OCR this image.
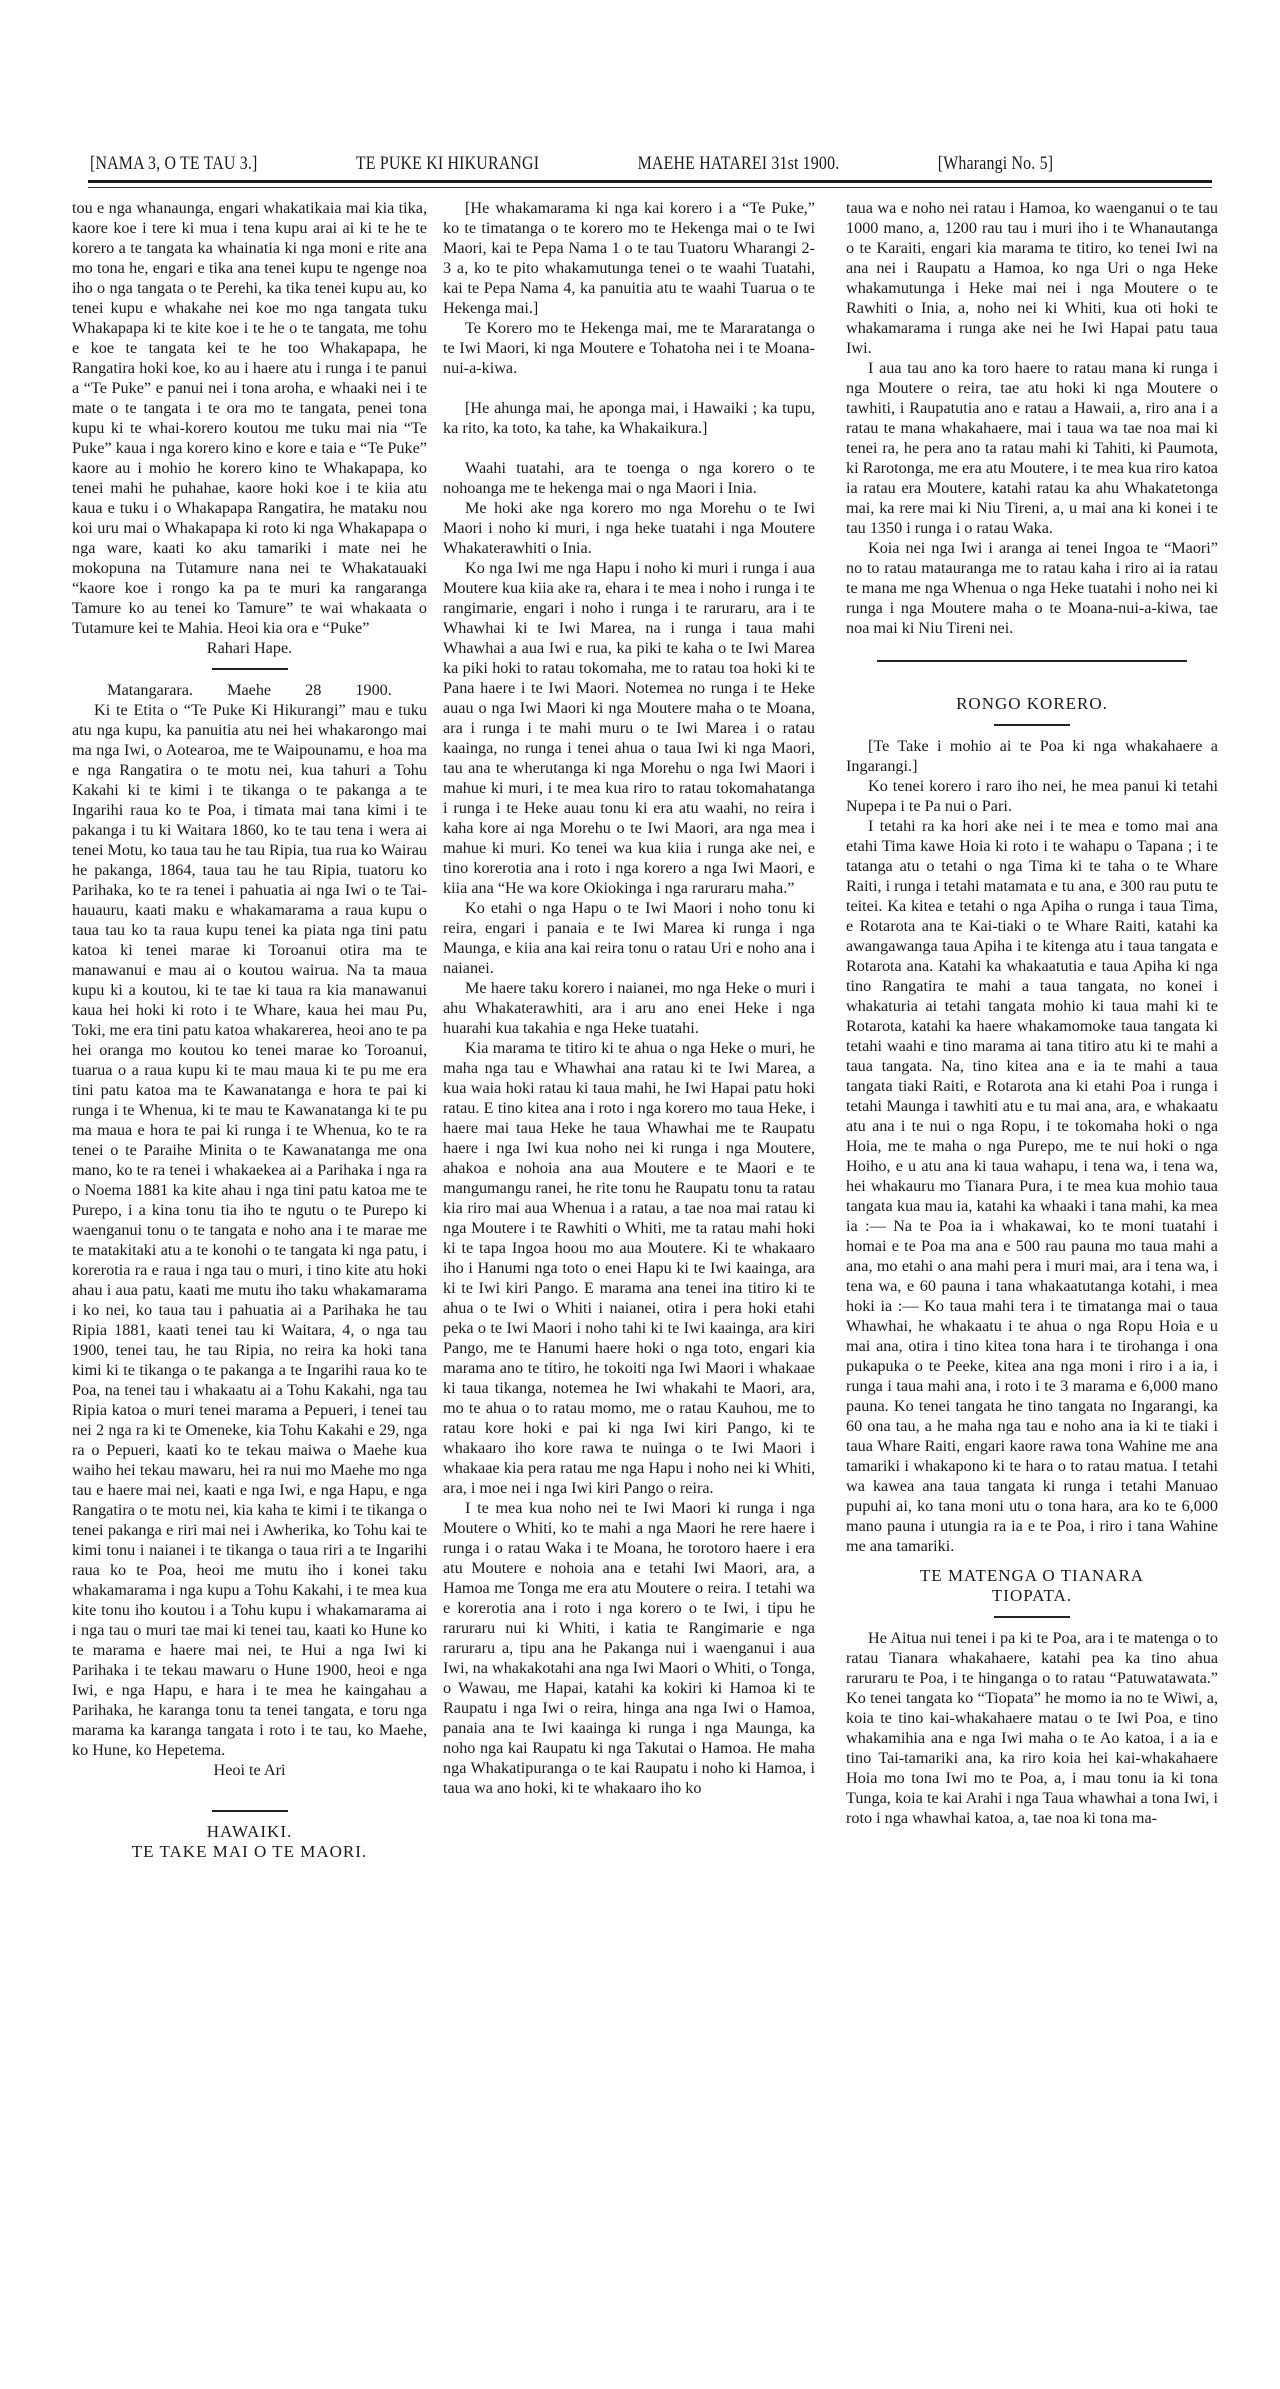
[NAMA 3, O TE TAU 3.]	TE PUKE KI HIKURANGI	MAEHE HATAREI 31st 1900.	[Wharangi No. 5]

tou e nga whanaunga, engari whakatikaia mai kia tika, kaore koe i tere ki mua i tena kupu arai ai ki te he te korero a te tangata ka whainatia ki nga moni e rite ana mo tona he, engari e tika ana tenei kupu te ngenge noa iho o nga tangata o te Perehi, ka tika tenei kupu au, ko tenei kupu e whakahe nei koe mo nga tangata tuku Whakapapa ki te kite koe i te he o te tangata, me tohu e koe te tangata kei te he too Whakapapa, he Rangatira hoki koe, ko au i haere atu i runga i te panui a “Te Puke” e panui nei i tona aroha, e whaaki nei i te mate o te tangata i te ora mo te tangata, penei tona kupu ki te whai-korero koutou me tuku mai nia “Te Puke” kaua i nga korero kino e kore e taia e “Te Puke” kaore au i mohio he korero kino te Whakapapa, ko tenei mahi he puhahae, kaore hoki koe i te kiia atu kaua e tuku i o Whakapapa Rangatira, he mataku nou koi uru mai o Whakapapa ki roto ki nga Whakapapa o nga ware, kaati ko aku tamariki i mate nei he mokopuna na Tutamure nana nei te Whakatauaki “kaore koe i rongo ka pa te muri ka rangaranga Tamure ko au tenei ko Tamure” te wai whakaata o Tutamure kei te Mahia. Heoi kia ora e “Puke”

Rahari Hape.

Matangarara. Maehe 28 1900.

Ki te Etita o “Te Puke Ki Hikurangi” mau e tuku atu nga kupu, ka panuitia atu nei hei whakarongo mai ma nga Iwi, o Aotearoa, me te Waipounamu, e hoa ma e nga Rangatira o te motu nei, kua tahuri a Tohu Kakahi ki te kimi i te tikanga o te pakanga a te Ingarihi raua ko te Poa, i timata mai tana kimi i te pakanga i tu ki Waitara 1860, ko te tau tena i wera ai tenei Motu, ko taua tau he tau Ripia, tua rua ko Wairau he pakanga, 1864, taua tau he tau Ripia, tuatoru ko Parihaka, ko te ra tenei i pahuatia ai nga Iwi o te Tai-hauauru, kaati maku e whakamarama a raua kupu o taua tau ko ta raua kupu tenei ka piata nga tini patu katoa ki tenei marae ki Toroanui otira ma te manawanui e mau ai o koutou wairua. Na ta maua kupu ki a koutou, ki te tae ki taua ra kia manawanui kaua hei hoki ki roto i te Whare, kaua hei mau Pu, Toki, me era tini patu katoa whakarerea, heoi ano te pa hei oranga mo koutou ko tenei marae ko Toroanui, tuarua o a raua kupu ki te mau maua ki te pu me era tini patu katoa ma te Kawanatanga e hora te pai ki runga i te Whenua, ki te mau te Kawanatanga ki te pu ma maua e hora te pai ki runga i te Whenua, ko te ra tenei o te Paraihe Minita o te Kawanatanga me ona mano, ko te ra tenei i whakaekea ai a Parihaka i nga ra o Noema 1881 ka kite ahau i nga tini patu katoa me te Purepo, i a kina tonu tia iho te ngutu o te Purepo ki waenganui tonu o te tangata e noho ana i te marae me te matakitaki atu a te konohi o te tangata ki nga patu, i korerotia ra e raua i nga tau o muri, i tino kite atu hoki ahau i aua patu, kaati me mutu iho taku whakamarama i ko nei, ko taua tau i pahuatia ai a Parihaka he tau Ripia 1881, kaati tenei tau ki Waitara, 4, o nga tau 1900, tenei tau, he tau Ripia, no reira ka hoki tana kimi ki te tikanga o te pakanga a te Ingarihi raua ko te Poa, na tenei tau i whakaatu ai a Tohu Kakahi, nga tau Ripia katoa o muri tenei marama a Pepueri, i tenei tau nei 2 nga ra ki te Omeneke, kia Tohu Kakahi e 29, nga ra o Pepueri, kaati ko te tekau maiwa o Maehe kua waiho hei tekau mawaru, hei ra nui mo Maehe mo nga tau e haere mai nei, kaati e nga Iwi, e nga Hapu, e nga Rangatira o te motu nei, kia kaha te kimi i te tikanga o tenei pakanga e riri mai nei i Awherika, ko Tohu kai te kimi tonu i naianei i te tikanga o taua riri a te Ingarihi raua ko te Poa, heoi me mutu iho i konei taku whakamarama i nga kupu a Tohu Kakahi, i te mea kua kite tonu iho koutou i a Tohu kupu i whakamarama ai i nga tau o muri tae mai ki tenei tau, kaati ko Hune ko te marama e haere mai nei, te Hui a nga Iwi ki Parihaka i te tekau mawaru o Hune 1900, heoi e nga Iwi, e nga Hapu, e hara i te mea he kaingahau a Parihaka, he karanga tonu ta tenei tangata, e toru nga marama ka karanga tangata i roto i te tau, ko Maehe, ko Hune, ko Hepetema.

Heoi te Ari

HAWAIKI.

TE TAKE MAI O TE MAORI.

[He whakamarama ki nga kai korero i a “Te Puke,” ko te timatanga o te korero mo te Hekenga mai o te Iwi Maori, kai te Pepa Nama 1 o te tau Tuatoru Wharangi 2-3 a, ko te pito whakamutunga tenei o te waahi Tuatahi, kai te Pepa Nama 4, ka panuitia atu te waahi Tuarua o te Hekenga mai.]

Te Korero mo te Hekenga mai, me te Mararatanga o te Iwi Maori, ki nga Moutere e Tohatoha nei i te Moana-nui-a-kiwa.

[He ahunga mai, he aponga mai, i Hawaiki ; ka tupu, ka rito, ka toto, ka tahe, ka Whakaikura.]

Waahi tuatahi, ara te toenga o nga korero o te nohoanga me te hekenga mai o nga Maori i Inia.

Me hoki ake nga korero mo nga Morehu o te Iwi Maori i noho ki muri, i nga heke tuatahi i nga Moutere Whakaterawhiti o Inia.

Ko nga Iwi me nga Hapu i noho ki muri i runga i aua Moutere kua kiia ake ra, ehara i te mea i noho i runga i te rangimarie, engari i noho i runga i te raruraru, ara i te Whawhai ki te Iwi Marea, na i runga i taua mahi Whawhai a aua Iwi e rua, ka piki te kaha o te Iwi Marea ka piki hoki to ratau tokomaha, me to ratau toa hoki ki te Pana haere i te Iwi Maori. Notemea no runga i te Heke auau o nga Iwi Maori ki nga Moutere maha o te Moana, ara i runga i te mahi muru o te Iwi Marea i o ratau kaainga, no runga i tenei ahua o taua Iwi ki nga Maori, tau ana te wherutanga ki nga Morehu o nga Iwi Maori i mahue ki muri, i te mea kua riro to ratau tokomahatanga i runga i te Heke auau tonu ki era atu waahi, no reira i kaha kore ai nga Morehu o te Iwi Maori, ara nga mea i mahue ki muri. Ko tenei wa kua kiia i runga ake nei, e tino korerotia ana i roto i nga korero a nga Iwi Maori, e kiia ana “He wa kore Okiokinga i nga raruraru maha.”

Ko etahi o nga Hapu o te Iwi Maori i noho tonu ki reira, engari i panaia e te Iwi Marea ki runga i nga Maunga, e kiia ana kai reira tonu o ratau Uri e noho ana i naianei.

Me haere taku korero i naianei, mo nga Heke o muri i ahu Whakaterawhiti, ara i aru ano enei Heke i nga huarahi kua takahia e nga Heke tuatahi.

Kia marama te titiro ki te ahua o nga Heke o muri, he maha nga tau e Whawhai ana ratau ki te Iwi Marea, a kua waia hoki ratau ki taua mahi, he Iwi Hapai patu hoki ratau. E tino kitea ana i roto i nga korero mo taua Heke, i haere mai taua Heke he taua Whawhai me te Raupatu haere i nga Iwi kua noho nei ki runga i nga Moutere, ahakoa e nohoia ana aua Moutere e te Maori e te mangumangu ranei, he rite tonu he Raupatu tonu ta ratau kia riro mai aua Whenua i a ratau, a tae noa mai ratau ki nga Moutere i te Rawhiti o Whiti, me ta ratau mahi hoki ki te tapa Ingoa hoou mo aua Moutere. Ki te whakaaro iho i Hanumi nga toto o enei Hapu ki te Iwi kaainga, ara ki te Iwi kiri Pango. E marama ana tenei ina titiro ki te ahua o te Iwi o Whiti i naianei, otira i pera hoki etahi peka o te Iwi Maori i noho tahi ki te Iwi kaainga, ara kiri Pango, me te Hanumi haere hoki o nga toto, engari kia marama ano te titiro, he tokoiti nga Iwi Maori i whakaae ki taua tikanga, notemea he Iwi whakahi te Maori, ara, mo te ahua o to ratau momo, me o ratau Kauhou, me to ratau kore hoki e pai ki nga Iwi kiri Pango, ki te whakaaro iho kore rawa te nuinga o te Iwi Maori i whakaae kia pera ratau me nga Hapu i noho nei ki Whiti, ara, i moe nei i nga Iwi kiri Pango o reira.

I te mea kua noho nei te Iwi Maori ki runga i nga Moutere o Whiti, ko te mahi a nga Maori he rere haere i runga i o ratau Waka i te Moana, he torotoro haere i era atu Moutere e nohoia ana e tetahi Iwi Maori, ara, a Hamoa me Tonga me era atu Moutere o reira. I tetahi wa e korerotia ana i roto i nga korero o te Iwi, i tipu he raruraru nui ki Whiti, i katia te Rangimarie e nga raruraru a, tipu ana he Pakanga nui i waenganui i aua Iwi, na whakakotahi ana nga Iwi Maori o Whiti, o Tonga, o Wawau, me Hapai, katahi ka kokiri ki Hamoa ki te Raupatu i nga Iwi o reira, hinga ana nga Iwi o Hamoa, panaia ana te Iwi kaainga ki runga i nga Maunga, ka noho nga kai Raupatu ki nga Takutai o Hamoa. He maha nga Whakatipuranga o te kai Raupatu i noho ki Hamoa, i taua wa ano hoki, ki te whakaaro iho ko

taua wa e noho nei ratau i Hamoa, ko waenganui o te tau 1000 mano, a, 1200 rau tau i muri iho i te Whanautanga o te Karaiti, engari kia marama te titiro, ko tenei Iwi na ana nei i Raupatu a Hamoa, ko nga Uri o nga Heke whakamutunga i Heke mai nei i nga Moutere o te Rawhiti o Inia, a, noho nei ki Whiti, kua oti hoki te whakamarama i runga ake nei he Iwi Hapai patu taua Iwi.

I aua tau ano ka toro haere to ratau mana ki runga i nga Moutere o reira, tae atu hoki ki nga Moutere o tawhiti, i Raupatutia ano e ratau a Hawaii, a, riro ana i a ratau te mana whakahaere, mai i taua wa tae noa mai ki tenei ra, he pera ano ta ratau mahi ki Tahiti, ki Paumota, ki Rarotonga, me era atu Moutere, i te mea kua riro katoa ia ratau era Moutere, katahi ratau ka ahu Whakatetonga mai, ka rere mai ki Niu Tireni, a, u mai ana ki konei i te tau 1350 i runga i o ratau Waka.

Koia nei nga Iwi i aranga ai tenei Ingoa te “Maori” no to ratau matauranga me to ratau kaha i riro ai ia ratau te mana me nga Whenua o nga Heke tuatahi i noho nei ki runga i nga Moutere maha o te Moana-nui-a-kiwa, tae noa mai ki Niu Tireni nei.

RONGO KORERO.

[Te Take i mohio ai te Poa ki nga whakahaere a Ingarangi.]

Ko tenei korero i raro iho nei, he mea panui ki tetahi Nupepa i te Pa nui o Pari.

I tetahi ra ka hori ake nei i te mea e tomo mai ana etahi Tima kawe Hoia ki roto i te wahapu o Tapana ; i te tatanga atu o tetahi o nga Tima ki te taha o te Whare Raiti, i runga i tetahi matamata e tu ana, e 300 rau putu te teitei. Ka kitea e tetahi o nga Apiha o runga i taua Tima, e Rotarota ana te Kai-tiaki o te Whare Raiti, katahi ka awangawanga taua Apiha i te kitenga atu i taua tangata e Rotarota ana. Katahi ka whakaatutia e taua Apiha ki nga tino Rangatira te mahi a taua tangata, no konei i whakaturia ai tetahi tangata mohio ki taua mahi ki te Rotarota, katahi ka haere whakamomoke taua tangata ki tetahi waahi e tino marama ai tana titiro atu ki te mahi a taua tangata. Na, tino kitea ana e ia te mahi a taua tangata tiaki Raiti, e Rotarota ana ki etahi Poa i runga i tetahi Maunga i tawhiti atu e tu mai ana, ara, e whakaatu atu ana i te nui o nga Ropu, i te tokomaha hoki o nga Hoia, me te maha o nga Purepo, me te nui hoki o nga Hoiho, e u atu ana ki taua wahapu, i tena wa, i tena wa, hei whakauru mo Tianara Pura, i te mea kua mohio taua tangata kua mau ia, katahi ka whaaki i tana mahi, ka mea ia :— Na te Poa ia i whakawai, ko te moni tuatahi i homai e te Poa ma ana e 500 rau pauna mo taua mahi a ana, mo etahi o ana mahi pera i muri mai, ara i tena wa, i tena wa, e 60 pauna i tana whakaatutanga kotahi, i mea hoki ia :— Ko taua mahi tera i te timatanga mai o taua Whawhai, he whakaatu i te ahua o nga Ropu Hoia e u mai ana, otira i tino kitea tona hara i te tirohanga i ona pukapuka o te Peeke, kitea ana nga moni i riro i a ia, i runga i taua mahi ana, i roto i te 3 marama e 6,000 mano pauna. Ko tenei tangata he tino tangata no Ingarangi, ka 60 ona tau, a he maha nga tau e noho ana ia ki te tiaki i taua Whare Raiti, engari kaore rawa tona Wahine me ana tamariki i whakapono ki te hara o to ratau matua. I tetahi wa kawea ana taua tangata ki runga i tetahi Manuao pupuhi ai, ko tana moni utu o tona hara, ara ko te 6,000 mano pauna i utungia ra ia e te Poa, i riro i tana Wahine me ana tamariki.

TE MATENGA O TIANARA

TIOPATA.

He Aitua nui tenei i pa ki te Poa, ara i te matenga o to ratau Tianara whakahaere, katahi pea ka tino ahua raruraru te Poa, i te hinganga o to ratau “Patuwatawata.” Ko tenei tangata ko “Tiopata” he momo ia no te Wiwi, a, koia te tino kai-whakahaere matau o te Iwi Poa, e tino whakamihia ana e nga Iwi maha o te Ao katoa, i a ia e tino Tai-tamariki ana, ka riro koia hei kai-whakahaere Hoia mo tona Iwi mo te Poa, a, i mau tonu ia ki tona Tunga, koia te kai Arahi i nga Taua whawhai a tona Iwi, i roto i nga whawhai katoa, a, tae noa ki tona ma-
